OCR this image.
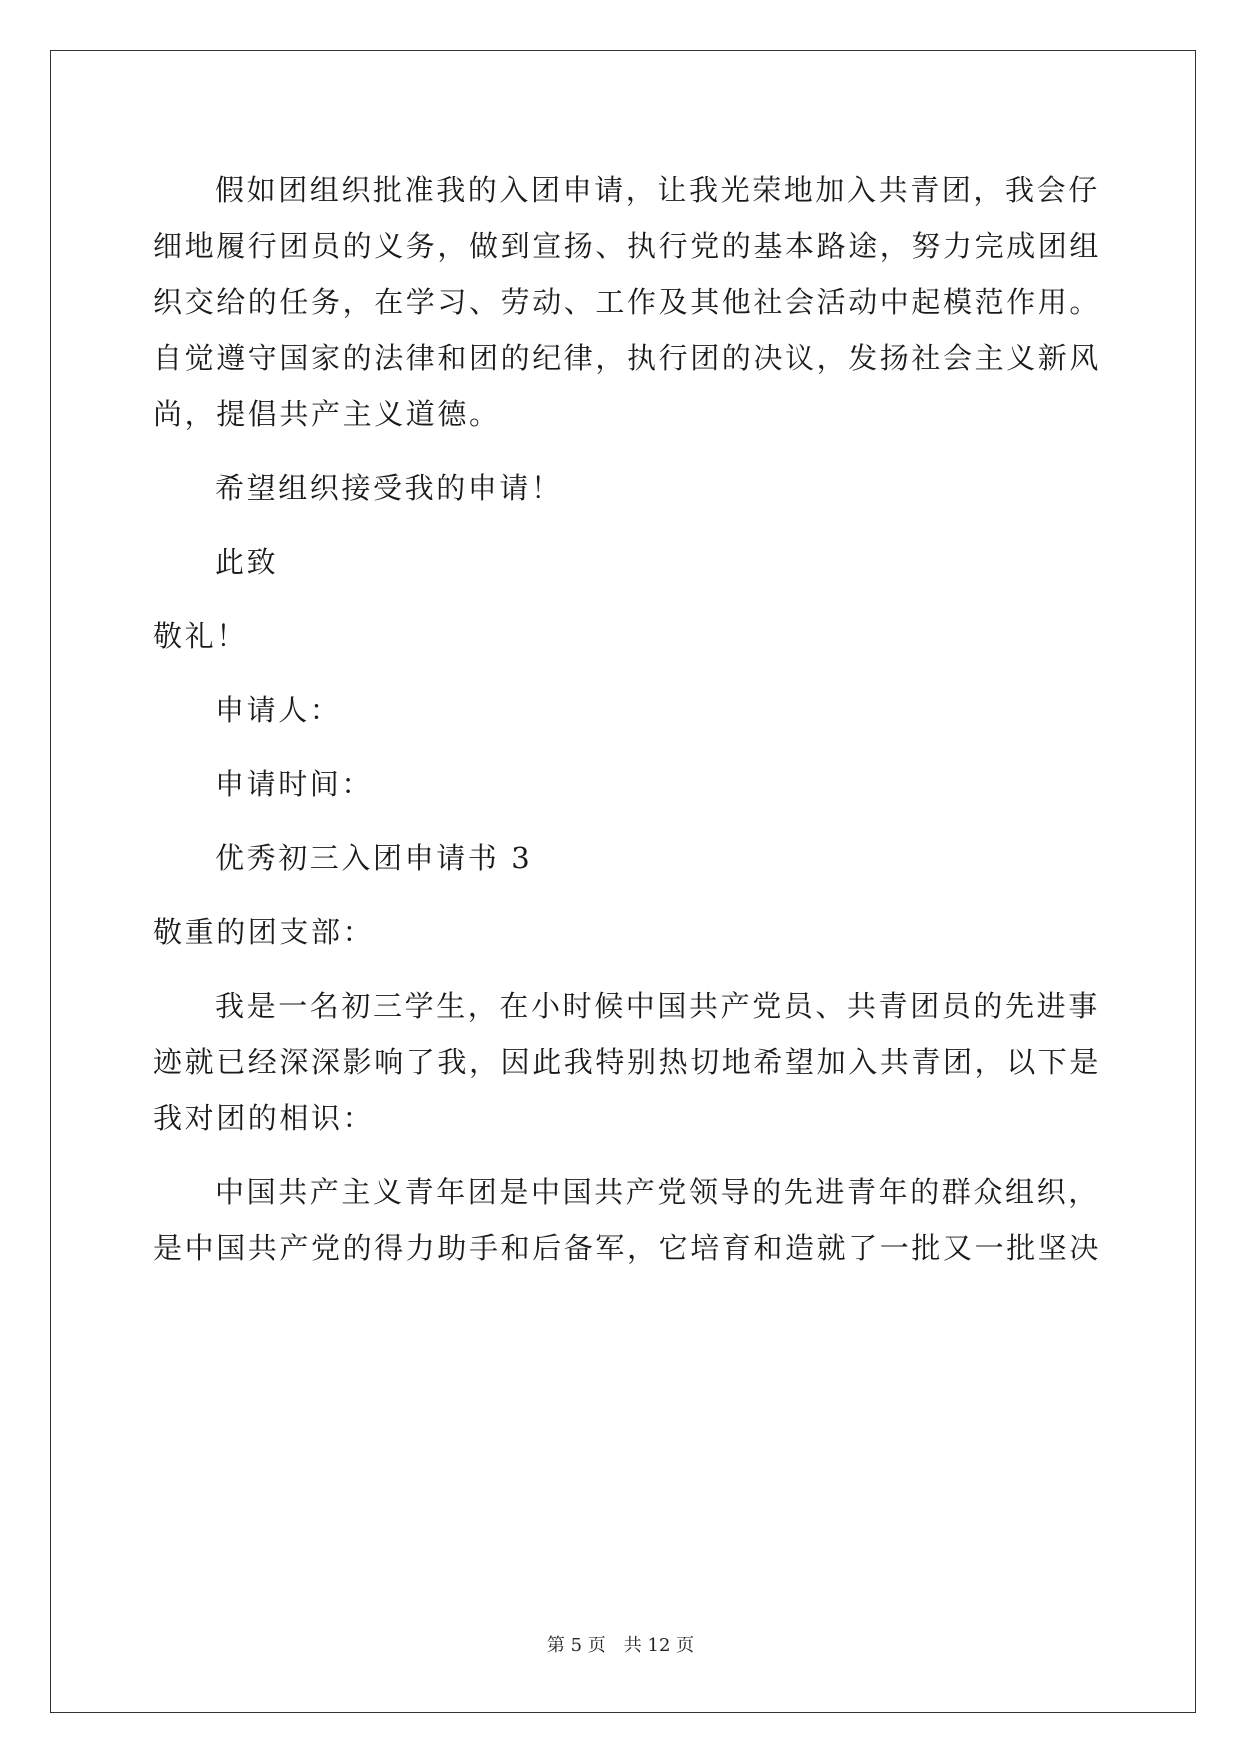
假如团组织批准我的入团申请，让我光荣地加入共青团，我会仔
细地履行团员的义务，做到宣扬、执行党的基本路途，努力完成团组
织交给的任务，在学习、劳动、工作及其他社会活动中起模范作用。
自觉遵守国家的法律和团的纪律，执行团的决议，发扬社会主义新风
尚，提倡共产主义道德。
希望组织接受我的申请！
此致
敬礼！
申请人：
申请时间：
优秀初三入团申请书 3
敬重的团支部：
我是一名初三学生，在小时候中国共产党员、共青团员的先进事
迹就已经深深影响了我，因此我特别热切地希望加入共青团，以下是
我对团的相识：
中国共产主义青年团是中国共产党领导的先进青年的群众组织，
是中国共产党的得力助手和后备军，它培育和造就了一批又一批坚决
第 5 页　共 12 页
